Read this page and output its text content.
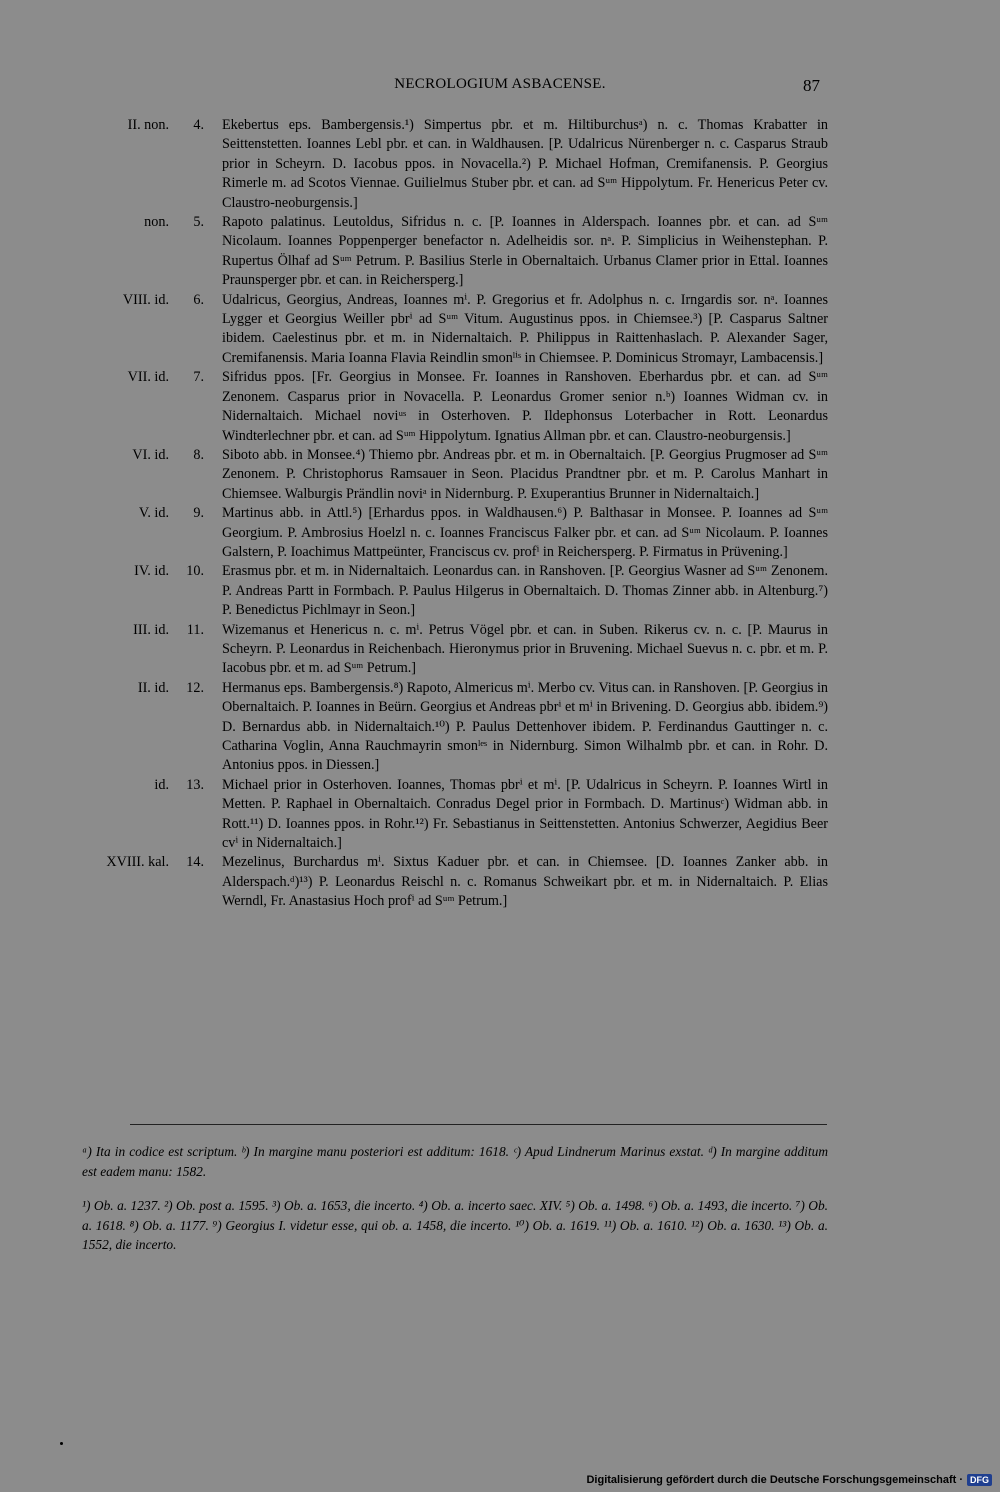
NECROLOGIUM ASBACENSE.	87
II. non.	4. Ekebertus eps. Bambergensis.¹) Simpertus pbr. et m. Hiltiburchusᵃ) n. c. Thomas Krabatter in Seittenstetten. Ioannes Lebl pbr. et can. in Waldhausen. [P. Udalricus Nürenberger n. c. Casparus Straub prior in Scheyrn. D. Iacobus ppos. in Novacella.²) P. Michael Hofman, Cremifanensis. P. Georgius Rimerle m. ad Scotos Viennae. Guilielmus Stuber pbr. et can. ad Sᵘᵐ Hippolytum. Fr. Henericus Peter cv. Claustro-neoburgensis.]
non.	5. Rapoto palatinus. Leutoldus, Sifridus n. c. [P. Ioannes in Alderspach. Ioannes pbr. et can. ad Sᵘᵐ Nicolaum. Ioannes Poppenperger benefactor n. Adelheidis sor. nᵃ. P. Simplicius in Weihenstephan. P. Rupertus Ölhaf ad Sᵘᵐ Petrum. P. Basilius Sterle in Obernaltaich. Urbanus Clamer prior in Ettal. Ioannes Praunsperger pbr. et can. in Reichersperg.]
VIII. id.	6. Udalricus, Georgius, Andreas, Ioannes mⁱ. P. Gregorius et fr. Adolphus n. c. Irngardis sor. nᵃ. Ioannes Lygger et Georgius Weiller pbrⁱ ad Sᵘᵐ Vitum. Augustinus ppos. in Chiemsee.³) [P. Casparus Saltner ibidem. Caelestinus pbr. et m. in Nidernaltaich. P. Philippus in Raittenhaslach. P. Alexander Sager, Cremifanensis. Maria Ioanna Flavia Reindlin smonˡⁱˢ in Chiemsee. P. Dominicus Stromayr, Lambacensis.]
VII. id.	7. Sifridus ppos. [Fr. Georgius in Monsee. Fr. Ioannes in Ranshoven. Eberhardus pbr. et can. ad Sᵘᵐ Zenonem. Casparus prior in Novacella. P. Leonardus Gromer senior n.ᵇ) Ioannes Widman cv. in Nidernaltaich. Michael noviᵘˢ in Osterhoven. P. Ildephonsus Loterbacher in Rott. Leonardus Windterlechner pbr. et can. ad Sᵘᵐ Hippolytum. Ignatius Allman pbr. et can. Claustro-neoburgensis.]
VI. id.	8. Siboto abb. in Monsee.⁴) Thiemo pbr. Andreas pbr. et m. in Obernaltaich. [P. Georgius Prugmoser ad Sᵘᵐ Zenonem. P. Christophorus Ramsauer in Seon. Placidus Prandtner pbr. et m. P. Carolus Manhart in Chiemsee. Walburgis Prändlin noviᵃ in Nidernburg. P. Exuperantius Brunner in Nidernaltaich.]
V. id.	9. Martinus abb. in Attl.⁵) [Erhardus ppos. in Waldhausen.⁶) P. Balthasar in Monsee. P. Ioannes ad Sᵘᵐ Georgium. P. Ambrosius Hoelzl n. c. Ioannes Franciscus Falker pbr. et can. ad Sᵘᵐ Nicolaum. P. Ioannes Galstern, P. Ioachimus Mattpeünter, Franciscus cv. profⁱ in Reichersperg. P. Firmatus in Prüvening.]
IV. id.	10. Erasmus pbr. et m. in Nidernaltaich. Leonardus can. in Ranshoven. [P. Georgius Wasner ad Sᵘᵐ Zenonem. P. Andreas Partt in Formbach. P. Paulus Hilgerus in Obernaltaich. D. Thomas Zinner abb. in Altenburg.⁷) P. Benedictus Pichlmayr in Seon.]
III. id.	11. Wizemanus et Henericus n. c. mⁱ. Petrus Vögel pbr. et can. in Suben. Rikerus cv. n. c. [P. Maurus in Scheyrn. P. Leonardus in Reichenbach. Hieronymus prior in Bruvening. Michael Suevus n. c. pbr. et m. P. Iacobus pbr. et m. ad Sᵘᵐ Petrum.]
II. id.	12. Hermanus eps. Bambergensis.⁸) Rapoto, Almericus mⁱ. Merbo cv. Vitus can. in Ranshoven. [P. Georgius in Obernaltaich. P. Ioannes in Beürn. Georgius et Andreas pbrⁱ et mⁱ in Brivening. D. Georgius abb. ibidem.⁹) D. Bernardus abb. in Nidernaltaich.¹⁰) P. Paulus Dettenhover ibidem. P. Ferdinandus Gauttinger n. c. Catharina Voglin, Anna Rauchmayrin smonˡᵉˢ in Nidernburg. Simon Wilhalmb pbr. et can. in Rohr. D. Antonius ppos. in Diessen.]
id.	13. Michael prior in Osterhoven. Ioannes, Thomas pbrⁱ et mⁱ. [P. Udalricus in Scheyrn. P. Ioannes Wirtl in Metten. P. Raphael in Obernaltaich. Conradus Degel prior in Formbach. D. Martinusᶜ) Widman abb. in Rott.¹¹) D. Ioannes ppos. in Rohr.¹²) Fr. Sebastianus in Seittenstetten. Antonius Schwerzer, Aegidius Beer cvⁱ in Nidernaltaich.]
XVIII. kal.	14. Mezelinus, Burchardus mⁱ. Sixtus Kaduer pbr. et can. in Chiemsee. [D. Ioannes Zanker abb. in Alderspach.ᵈ)¹³) P. Leonardus Reischl n. c. Romanus Schweikart pbr. et m. in Nidernaltaich. P. Elias Werndl, Fr. Anastasius Hoch profⁱ ad Sᵘᵐ Petrum.]
ᵃ) Ita in codice est scriptum. ᵇ) In margine manu posteriori est additum: 1618. ᶜ) Apud Lindnerum Marinus exstat. ᵈ) In margine additum est eadem manu: 1582.
¹) Ob. a. 1237. ²) Ob. post a. 1595. ³) Ob. a. 1653, die incerto. ⁴) Ob. a. incerto saec. XIV. ⁵) Ob. a. 1498. ⁶) Ob. a. 1493, die incerto. ⁷) Ob. a. 1618. ⁸) Ob. a. 1177. ⁹) Georgius I. videtur esse, qui ob. a. 1458, die incerto. ¹⁰) Ob. a. 1619. ¹¹) Ob. a. 1610. ¹²) Ob. a. 1630. ¹³) Ob. a. 1552, die incerto.
Digitalisierung gefördert durch die Deutsche Forschungsgemeinschaft · DFG
